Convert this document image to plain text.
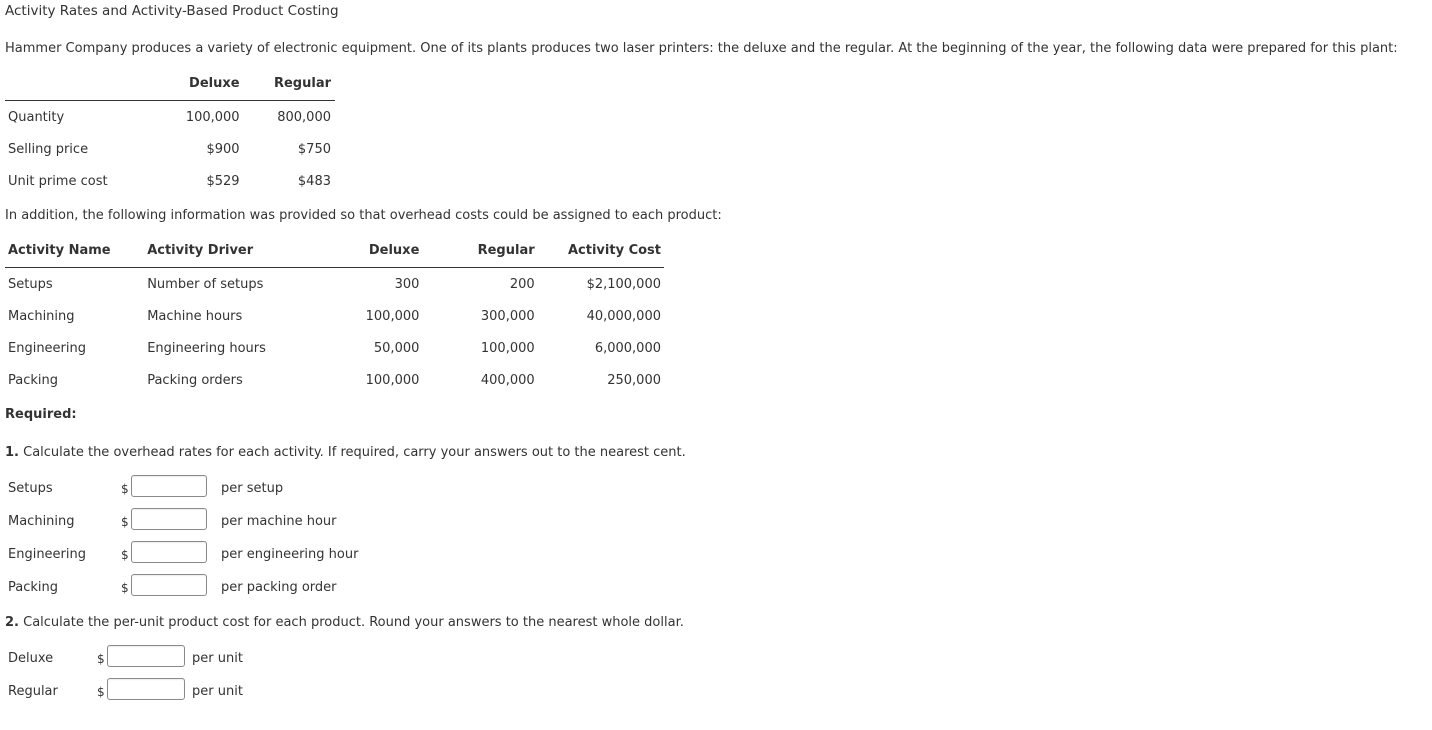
Activity Rates and Activity-Based Product Costing
Hammer Company produces a variety of electronic equipment. One of its plants produces two laser printers: the deluxe and the regular. At the beginning of the year, the following data were prepared for this plant:
	Deluxe	Regular
Quantity	100,000	800,000
Selling price	$900	$750
Unit prime cost	$529	$483
In addition, the following information was provided so that overhead costs could be assigned to each product:
Activity Name	Activity Driver	Deluxe	Regular	Activity Cost
Setups	Number of setups	300	200	$2,100,000
Machining	Machine hours	100,000	300,000	40,000,000
Engineering	Engineering hours	50,000	100,000	6,000,000
Packing	Packing orders	100,000	400,000	250,000
Required:
1. Calculate the overhead rates for each activity. If required, carry your answers out to the nearest cent.
Setups	$	per setup
Machining	$	per machine hour
Engineering	$	per engineering hour
Packing	$	per packing order
2. Calculate the per-unit product cost for each product. Round your answers to the nearest whole dollar.
Deluxe	$	per unit
Regular	$	per unit
